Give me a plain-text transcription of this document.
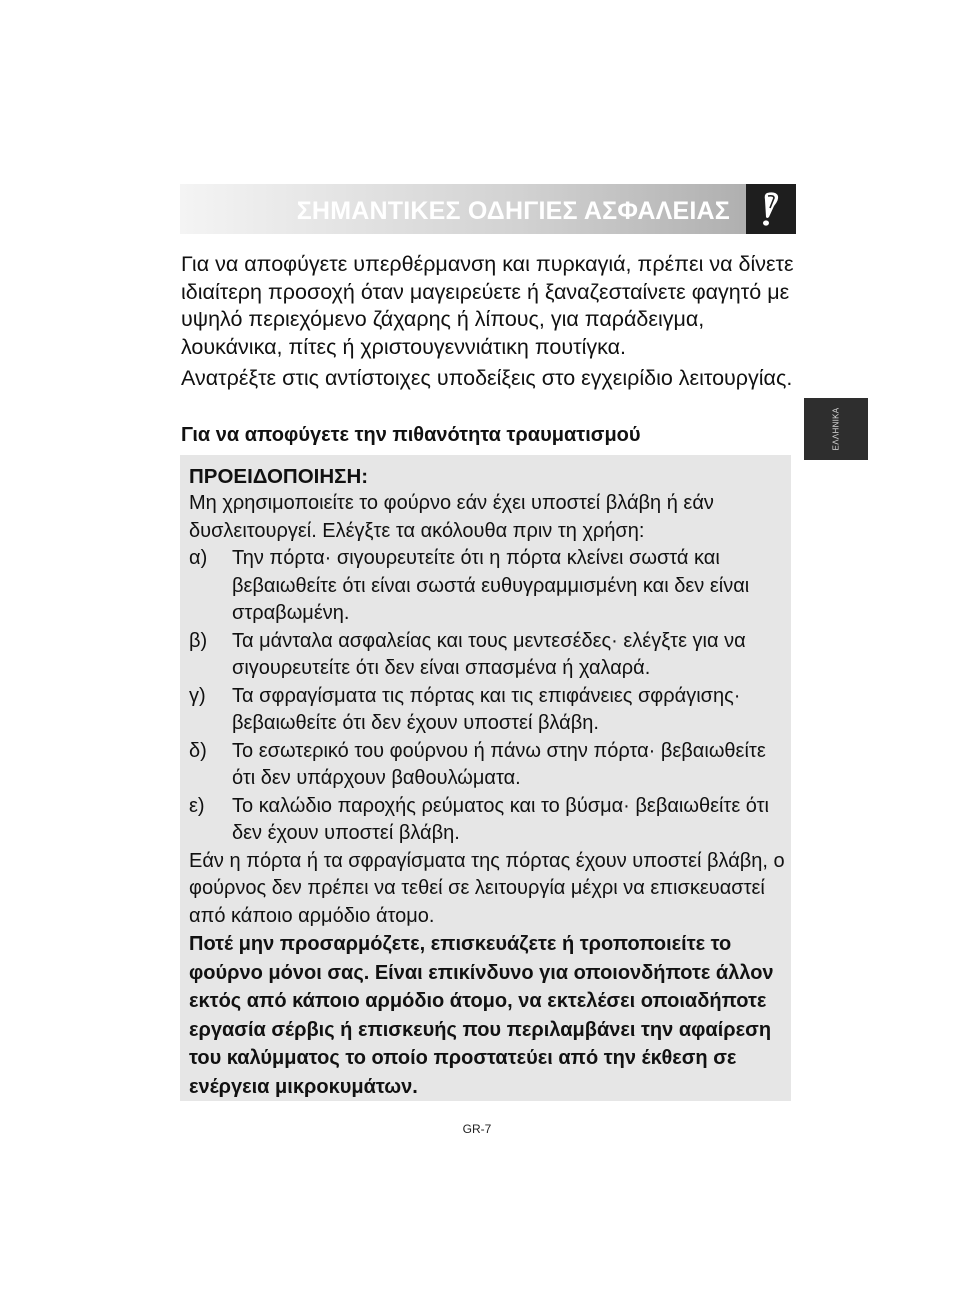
ΣΗΜΑΝΤΙΚΕΣ ΟΔΗΓΙΕΣ ΑΣΦΑΛΕΙΑΣ
ΕΛΛΗΝΙΚΑ

Για να αποφύγετε υπερθέρμανση και πυρκαγιά, πρέπει να δίνετε ιδιαίτερη προσοχή όταν μαγειρεύετε ή ξαναζεσταίνετε φαγητό με υψηλό περιεχόμενο ζάχαρης ή λίπους, για παράδειγμα, λουκάνικα, πίτες ή χριστουγεννιάτικη πουτίγκα.

Ανατρέξτε στις αντίστοιχες υποδείξεις στο εγχειρίδιο λειτουργίας.

Για να αποφύγετε την πιθανότητα τραυματισμού

ΠΡΟΕΙΔΟΠΟΙΗΣΗ:

Μη χρησιμοποιείτε το φούρνο εάν έχει υποστεί βλάβη ή εάν δυσλειτουργεί. Ελέγξτε τα ακόλουθα πριν τη χρήση:

α)	Την πόρτα· σιγουρευτείτε ότι η πόρτα κλείνει σωστά και βεβαιωθείτε ότι είναι σωστά ευθυγραμμισμένη και δεν είναι στραβωμένη.
β)	Τα μάνταλα ασφαλείας και τους μεντεσέδες· ελέγξτε για να σιγουρευτείτε ότι δεν είναι σπασμένα ή χαλαρά.
γ)	Τα σφραγίσματα τις πόρτας και τις επιφάνειες σφράγισης· βεβαιωθείτε ότι δεν έχουν υποστεί βλάβη.
δ)	Το εσωτερικό του φούρνου ή πάνω στην πόρτα· βεβαιωθείτε ότι δεν υπάρχουν βαθουλώματα.
ε)	Το καλώδιο παροχής ρεύματος και το βύσμα· βεβαιωθείτε ότι δεν έχουν υποστεί βλάβη.

Εάν η πόρτα ή τα σφραγίσματα της πόρτας έχουν υποστεί βλάβη, ο φούρνος δεν πρέπει να τεθεί σε λειτουργία μέχρι να επισκευαστεί από κάποιο αρμόδιο άτομο.

Ποτέ μην προσαρμόζετε, επισκευάζετε ή τροποποιείτε το φούρνο μόνοι σας. Είναι επικίνδυνο για οποιονδήποτε άλλον εκτός από κάποιο αρμόδιο άτομο, να εκτελέσει οποιαδήποτε εργασία σέρβις ή επισκευής που περιλαμβάνει την αφαίρεση του καλύμματος το οποίο προστατεύει από την έκθεση σε ενέργεια μικροκυμάτων.

GR-7
